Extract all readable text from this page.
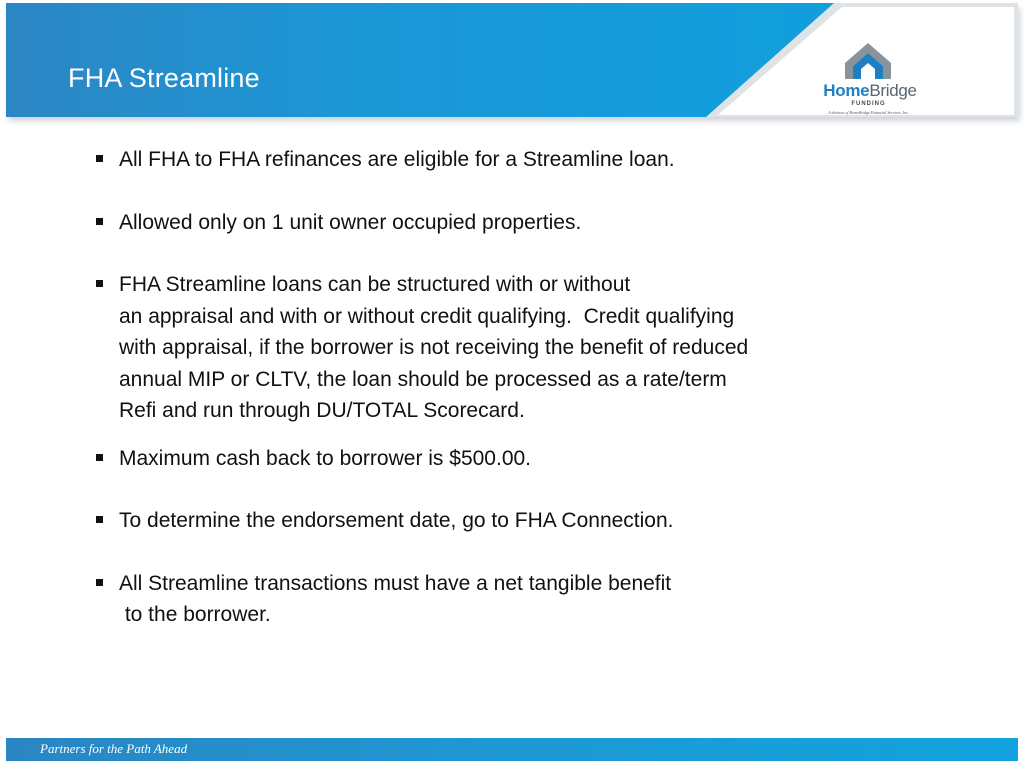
FHA Streamline	HomeBridge
FUNDING
A division of HomeBridge Financial Services, Inc.
All FHA to FHA refinances are eligible for a Streamline loan.
Allowed only on 1 unit owner occupied properties.
FHA Streamline loans can be structured with or without
an appraisal and with or without credit qualifying.  Credit qualifying
with appraisal, if the borrower is not receiving the benefit of reduced
annual MIP or CLTV, the loan should be processed as a rate/term
Refi and run through DU/TOTAL Scorecard.
Maximum cash back to borrower is $500.00.
To determine the endorsement date, go to FHA Connection.
All Streamline transactions must have a net tangible benefit
to the borrower.
Partners for the Path Ahead
